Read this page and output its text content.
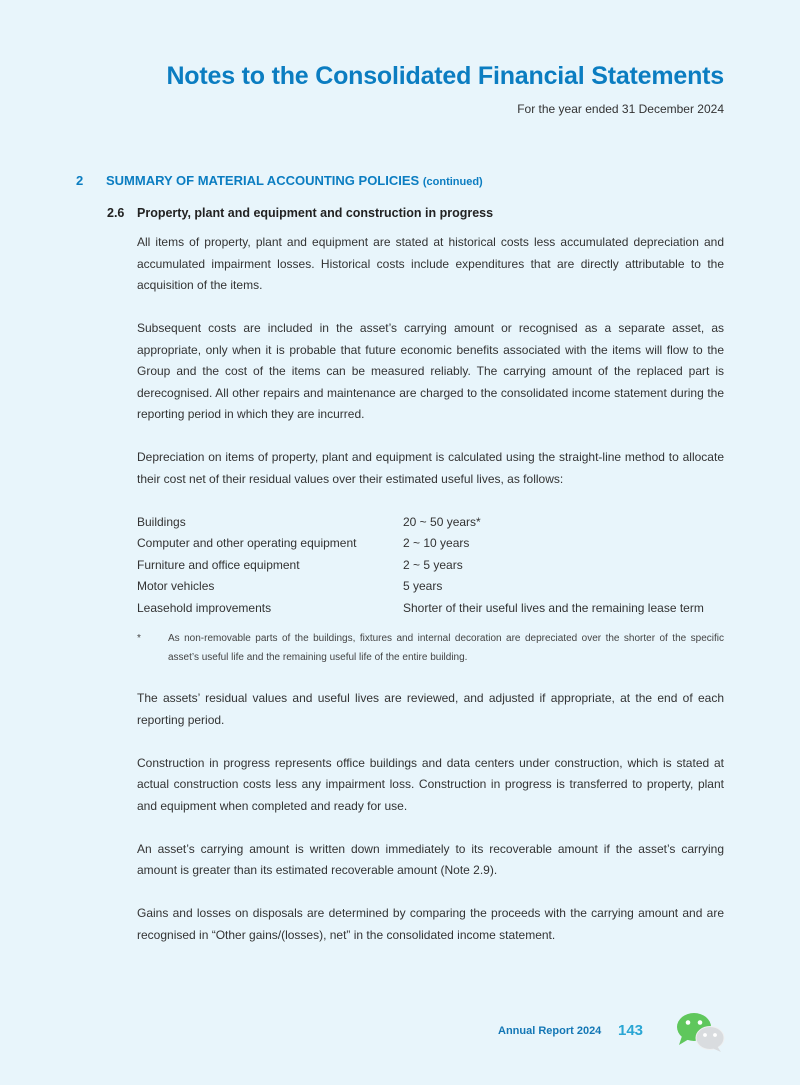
Notes to the Consolidated Financial Statements
For the year ended 31 December 2024
2 SUMMARY OF MATERIAL ACCOUNTING POLICIES (continued)
2.6 Property, plant and equipment and construction in progress

All items of property, plant and equipment are stated at historical costs less accumulated depreciation and accumulated impairment losses. Historical costs include expenditures that are directly attributable to the acquisition of the items.

Subsequent costs are included in the asset’s carrying amount or recognised as a separate asset, as appropriate, only when it is probable that future economic benefits associated with the items will flow to the Group and the cost of the items can be measured reliably. The carrying amount of the replaced part is derecognised. All other repairs and maintenance are charged to the consolidated income statement during the reporting period in which they are incurred.

Depreciation on items of property, plant and equipment is calculated using the straight-line method to allocate their cost net of their residual values over their estimated useful lives, as follows:

Buildings	20 ~ 50 years*
Computer and other operating equipment	2 ~ 10 years
Furniture and office equipment	2 ~ 5 years
Motor vehicles	5 years
Leasehold improvements	Shorter of their useful lives and the remaining lease term
*	As non-removable parts of the buildings, fixtures and internal decoration are depreciated over the shorter of the specific asset’s useful life and the remaining useful life of the entire building.

The assets’ residual values and useful lives are reviewed, and adjusted if appropriate, at the end of each reporting period.

Construction in progress represents office buildings and data centers under construction, which is stated at actual construction costs less any impairment loss. Construction in progress is transferred to property, plant and equipment when completed and ready for use.

An asset’s carrying amount is written down immediately to its recoverable amount if the asset’s carrying amount is greater than its estimated recoverable amount (Note 2.9).

Gains and losses on disposals are determined by comparing the proceeds with the carrying amount and are recognised in “Other gains/(losses), net” in the consolidated income statement.

Annual Report 2024 143
